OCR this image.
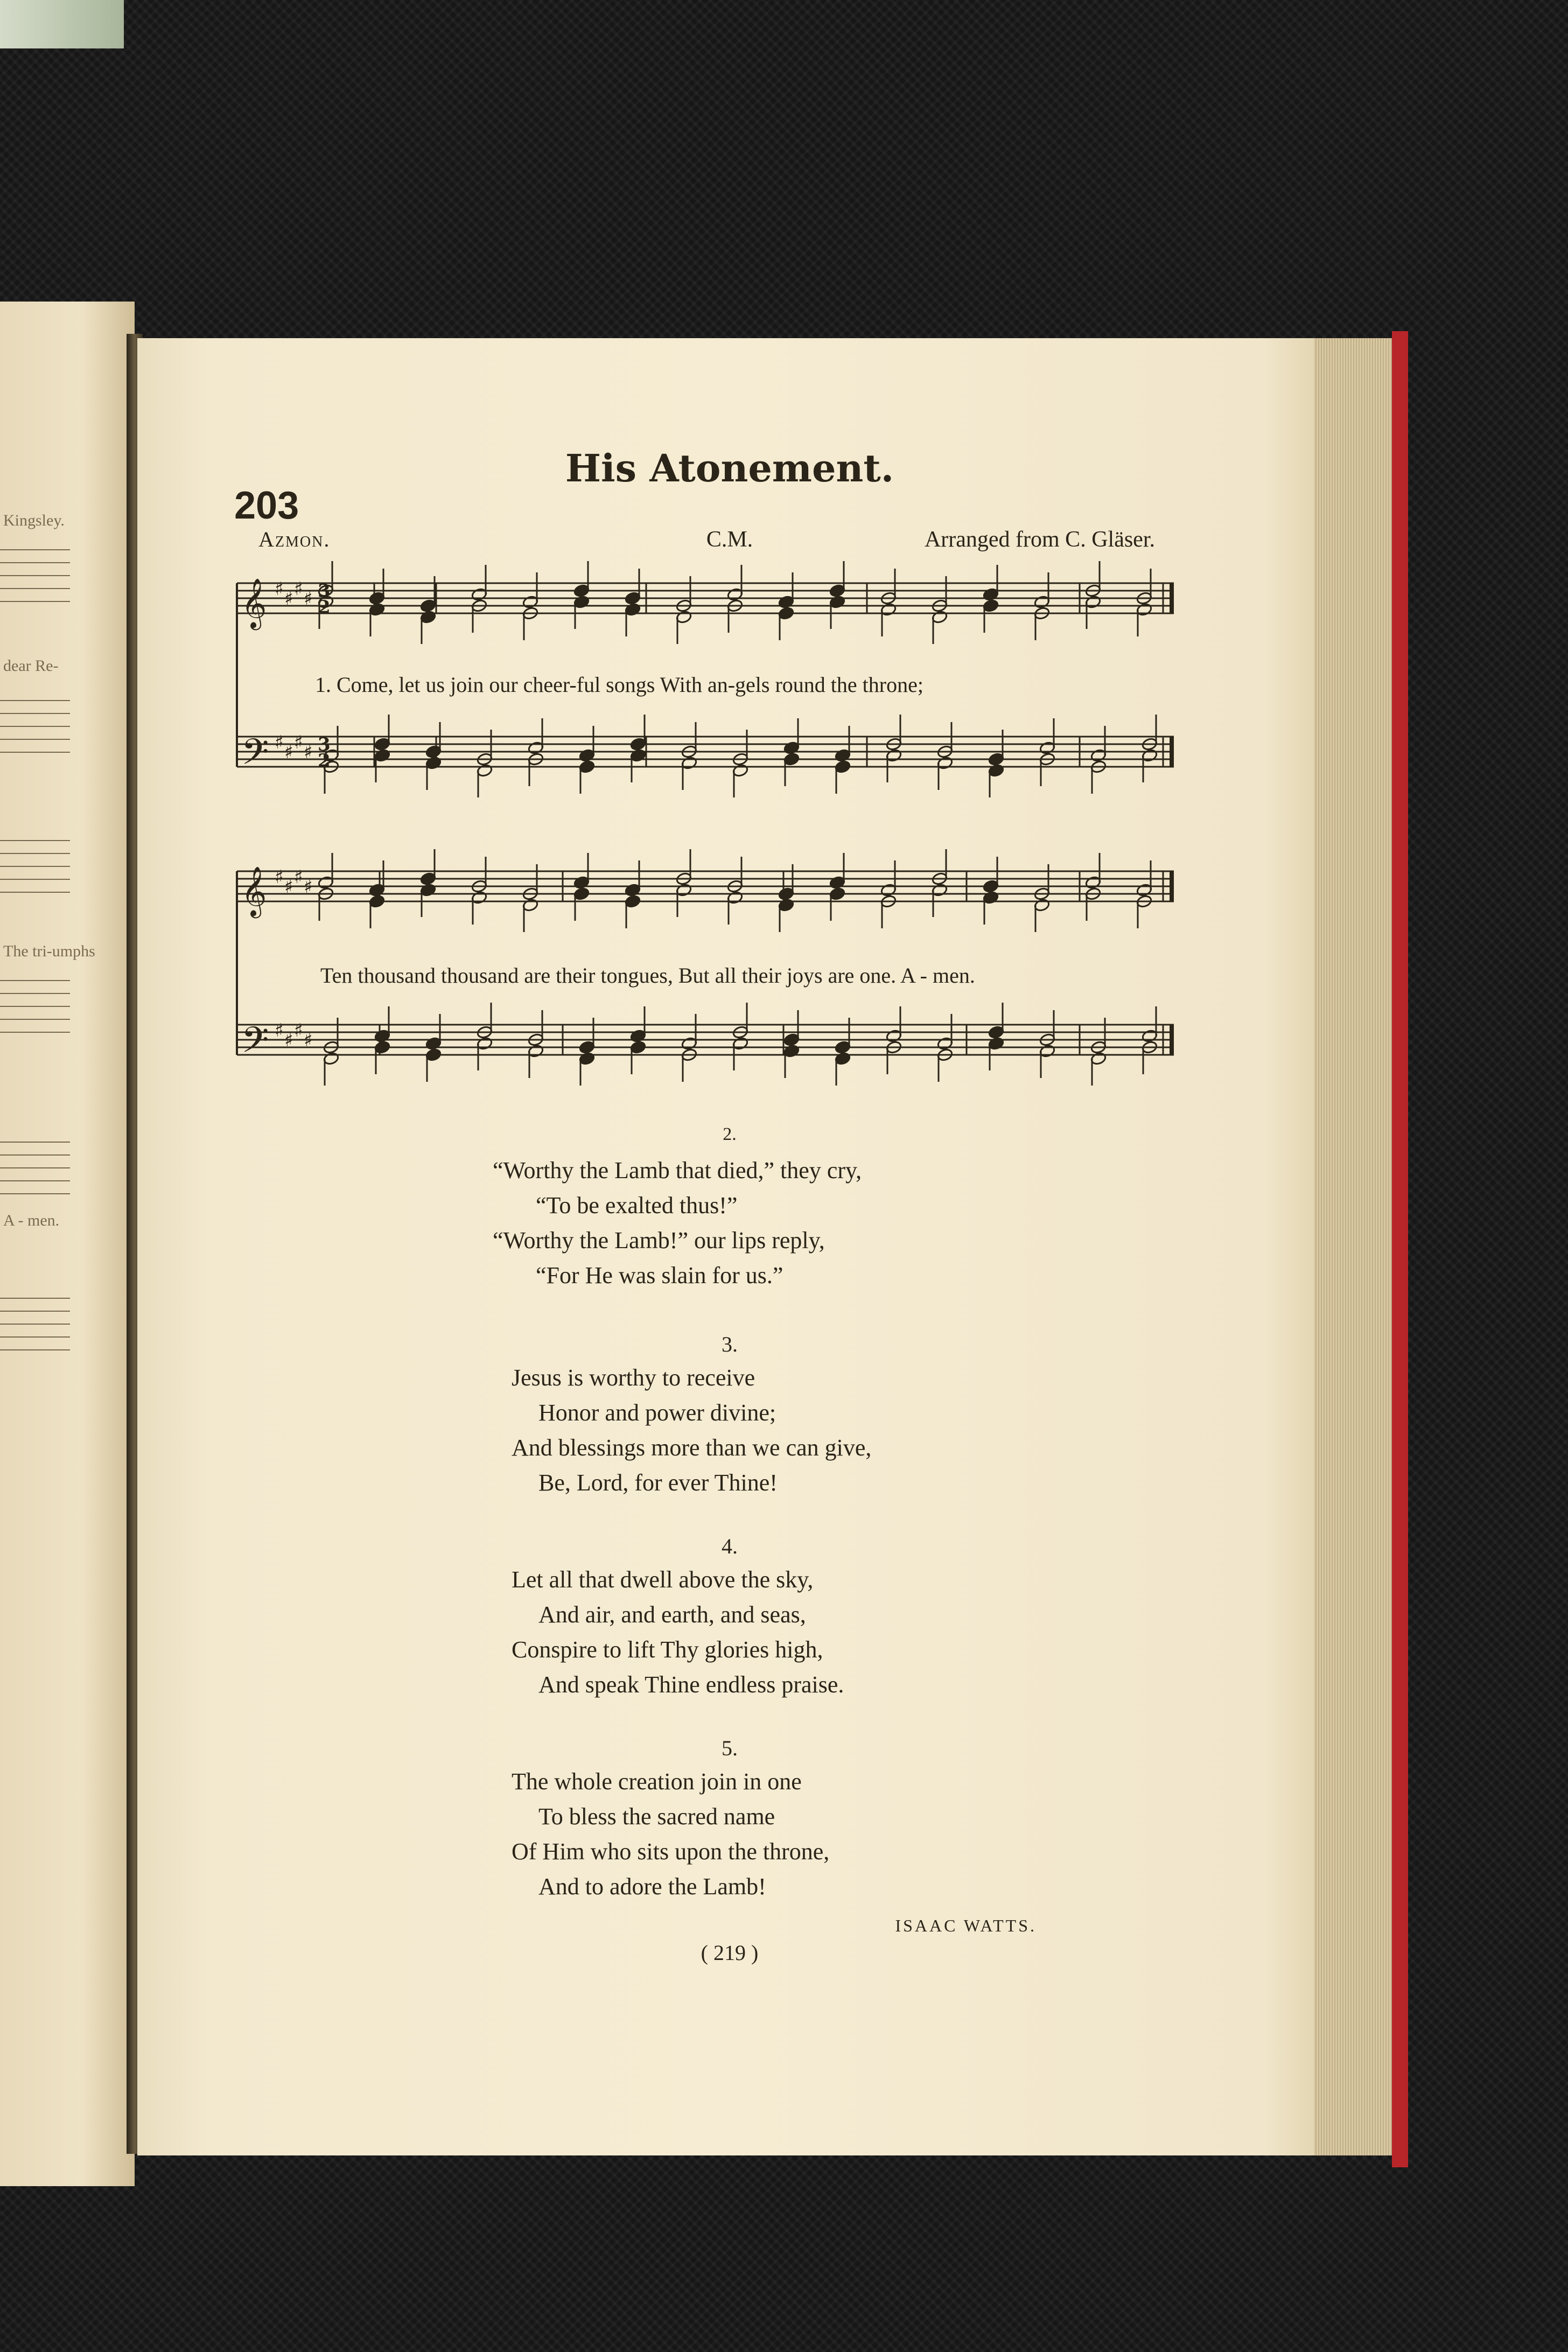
Kingsley.
dear Re-
The tri-umphs
A - men.
His Atonement.
203
Azmon.	C.M.	Arranged from C. Gläser.
𝄞 ♯ ♯ ♯ ♯ 3
2
𝄢 ♯ ♯ ♯ ♯ 3
2
𝄞 ♯ ♯ ♯ ♯
𝄢 ♯ ♯ ♯ ♯
1. Come, let us join our cheer-ful songs With an-gels round the throne;
Ten thousand thousand are their tongues, But all their joys are one. A - men.
2.
“Worthy the Lamb that died,” they cry,
“To be exalted thus!”
“Worthy the Lamb!” our lips reply,
“For He was slain for us.”
3.
Jesus is worthy to receive
Honor and power divine;
And blessings more than we can give,
Be, Lord, for ever Thine!
4.
Let all that dwell above the sky,
And air, and earth, and seas,
Conspire to lift Thy glories high,
And speak Thine endless praise.
5.
The whole creation join in one
To bless the sacred name
Of Him who sits upon the throne,
And to adore the Lamb!
ISAAC WATTS.
( 219 )
